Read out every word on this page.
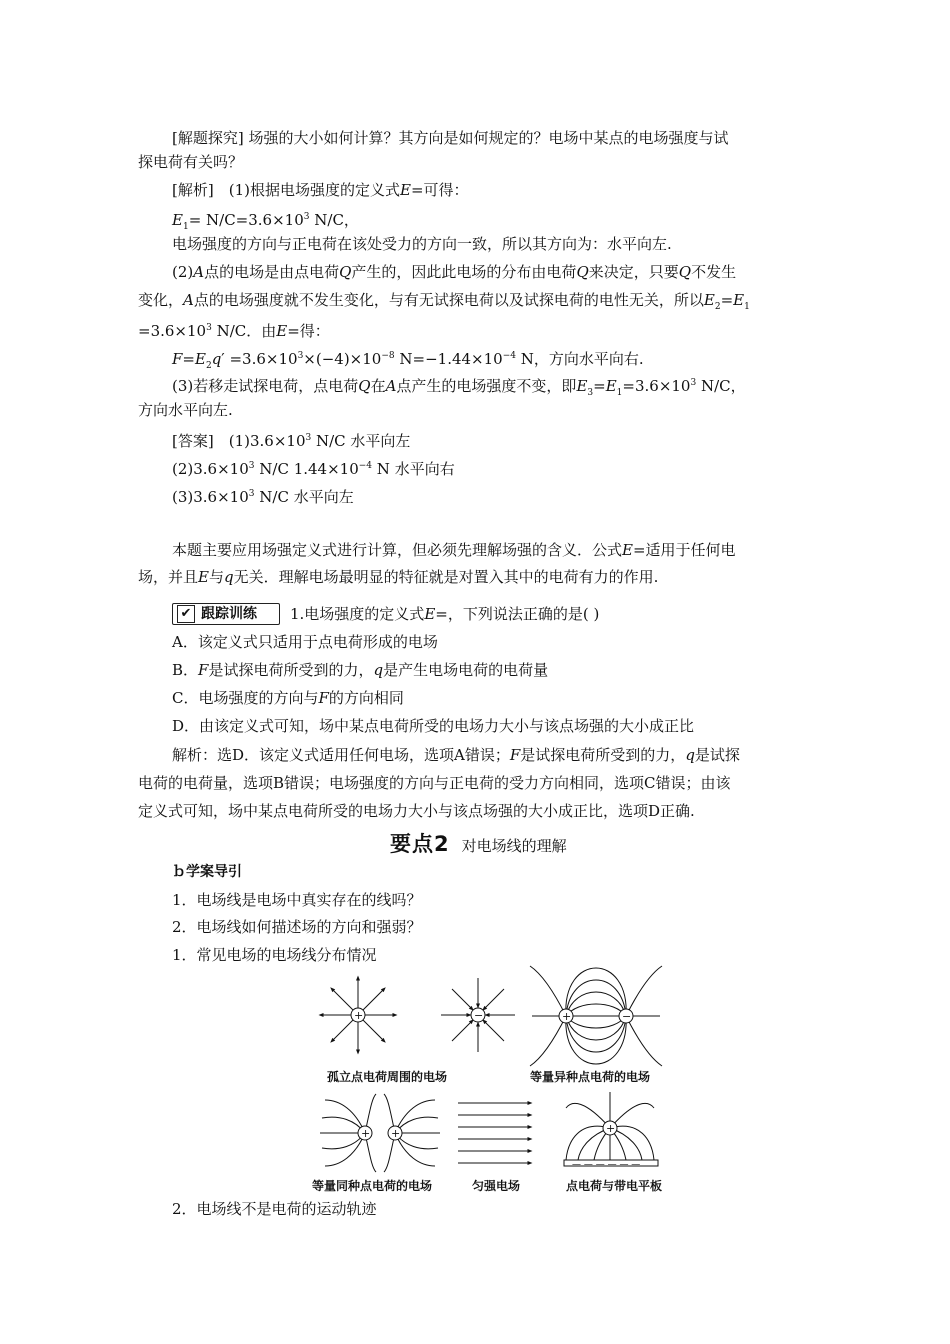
[解题探究] 场强的大小如何计算？其方向是如何规定的？电场中某点的电场强度与试
探电荷有关吗？
[解析]　 (1)根据电场强度的定义式E=可得：
$E_1= N/C=3.6\times 10^3$ N/C，
电场强度的方向与正电荷在该处受力的方向一致，所以其方向为：水平向左.
(2)A点的电场是由点电荷Q产生的，因此此电场的分布由电荷Q来决定，只要Q不发生
变化，A点的电场强度就不发生变化，与有无试探电荷以及试探电荷的电性无关，所以$E_2=E_1$
$=3.6\times 10^3$ N/C．由E=得：
$F=E_2q' =3.6\times 10^3\times(-4)\times 10^{-8}$ $N=-1.44\times 10^{-4}$ N，方向水平向右.
(3)若移走试探电荷，点电荷Q在A点产生的电场强度不变，即$E_3=E_1=3.6\times 10^3$ N/C，
方向水平向左.
[答案]　 $(1)3.6\times 10^3$ N/C 水平向左
$(2)3.6\times 10^3$ N/C $1.44\times 10^{-4}$ N 水平向右
$(3)3.6\times 10^3$ N/C 水平向左
本题主要应用场强定义式进行计算，但必须先理解场强的含义．公式E=适用于任何电
场，并且E与q无关．理解电场最明显的特征就是对置入其中的电荷有力的作用.
✔ 跟踪训练	1.电场强度的定义式E=，下列说法正确的是( )
A．该定义式只适用于点电荷形成的电场
B．F是试探电荷所受到的力，q是产生电场电荷的电荷量
C．电场强度的方向与F的方向相同
D．由该定义式可知，场中某点电荷所受的电场力大小与该点场强的大小成正比
解析：选D．该定义式适用任何电场，选项A错误；F是试探电荷所受到的力，q是试探
电荷的电荷量，选项B错误；电场强度的方向与正电荷的受力方向相同，选项C错误；由该
定义式可知，场中某点电荷所受的电场力大小与该点场强的大小成正比，选项D正确.
要点2 对电场线的理解
ｂ学案导引
1．电场线是电场中真实存在的线吗？
2．电场线如何描述场的方向和强弱？
1．常见电场的电场线分布情况
+	−	+	−
+ +	+
— — — — — —
孤立点电荷周围的电场	等量异种点电荷的电场
等量同种点电荷的电场	匀强电场	点电荷与带电平板
2．电场线不是电荷的运动轨迹
